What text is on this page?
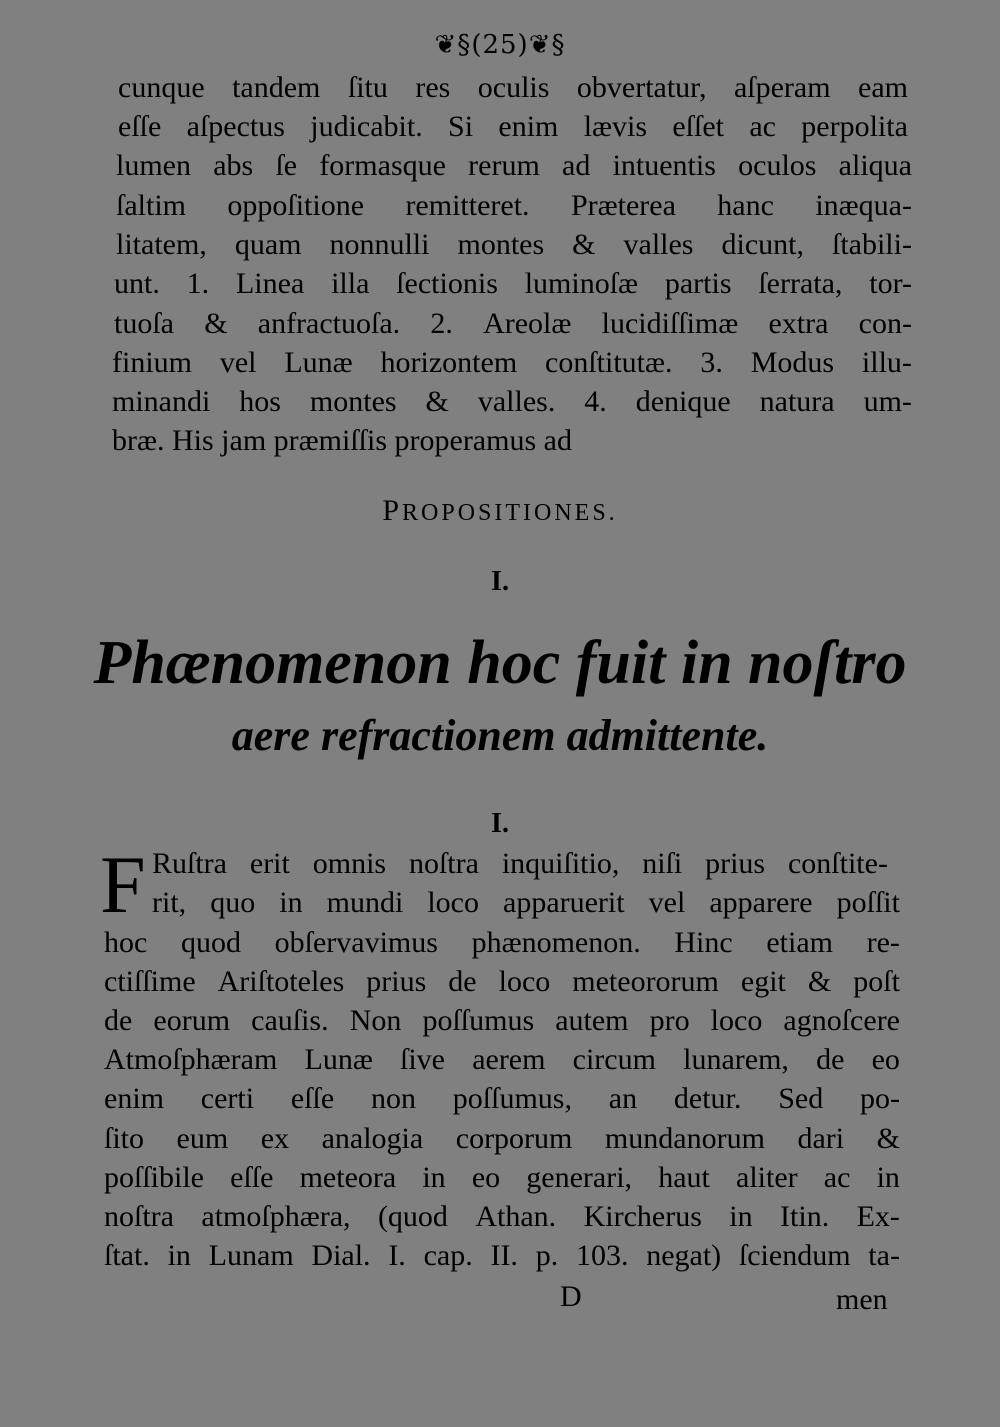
❦§(25)❦§
cunque tandem ſitu res oculis obvertatur, aſperam eam
eſſe aſpectus judicabit. Si enim lævis eſſet ac perpolita
lumen abs ſe formasque rerum ad intuentis oculos aliqua
ſaltim oppoſitione remitteret. Præterea hanc inæqua-
litatem, quam nonnulli montes & valles dicunt, ſtabili-
unt. 1. Linea illa ſectionis luminoſæ partis ſerrata, tor-
tuoſa & anfractuoſa. 2. Areolæ lucidiſſimæ extra con-
finium vel Lunæ horizontem conſtitutæ. 3. Modus illu-
minandi hos montes & valles. 4. denique natura um-
bræ. His jam præmiſſis properamus ad
PROPOSITIONES.
I.
Phænomenon hoc fuit in noſtro
aere refractionem admittente.
I.
F Ruſtra erit omnis noſtra inquiſitio, niſi prius conſtite-
rit, quo in mundi loco apparuerit vel apparere poſſit
hoc quod obſervavimus phænomenon. Hinc etiam re-
ctiſſime Ariſtoteles prius de loco meteororum egit & poſt
de eorum cauſis. Non poſſumus autem pro loco agnoſcere
Atmoſphæram Lunæ ſive aerem circum lunarem, de eo
enim certi eſſe non poſſumus, an detur. Sed po-
ſito eum ex analogia corporum mundanorum dari &
poſſibile eſſe meteora in eo generari, haut aliter ac in
noſtra atmoſphæra, (quod Athan. Kircherus in Itin. Ex-
ſtat. in Lunam Dial. I. cap. II. p. 103. negat) ſciendum ta-
D	men
